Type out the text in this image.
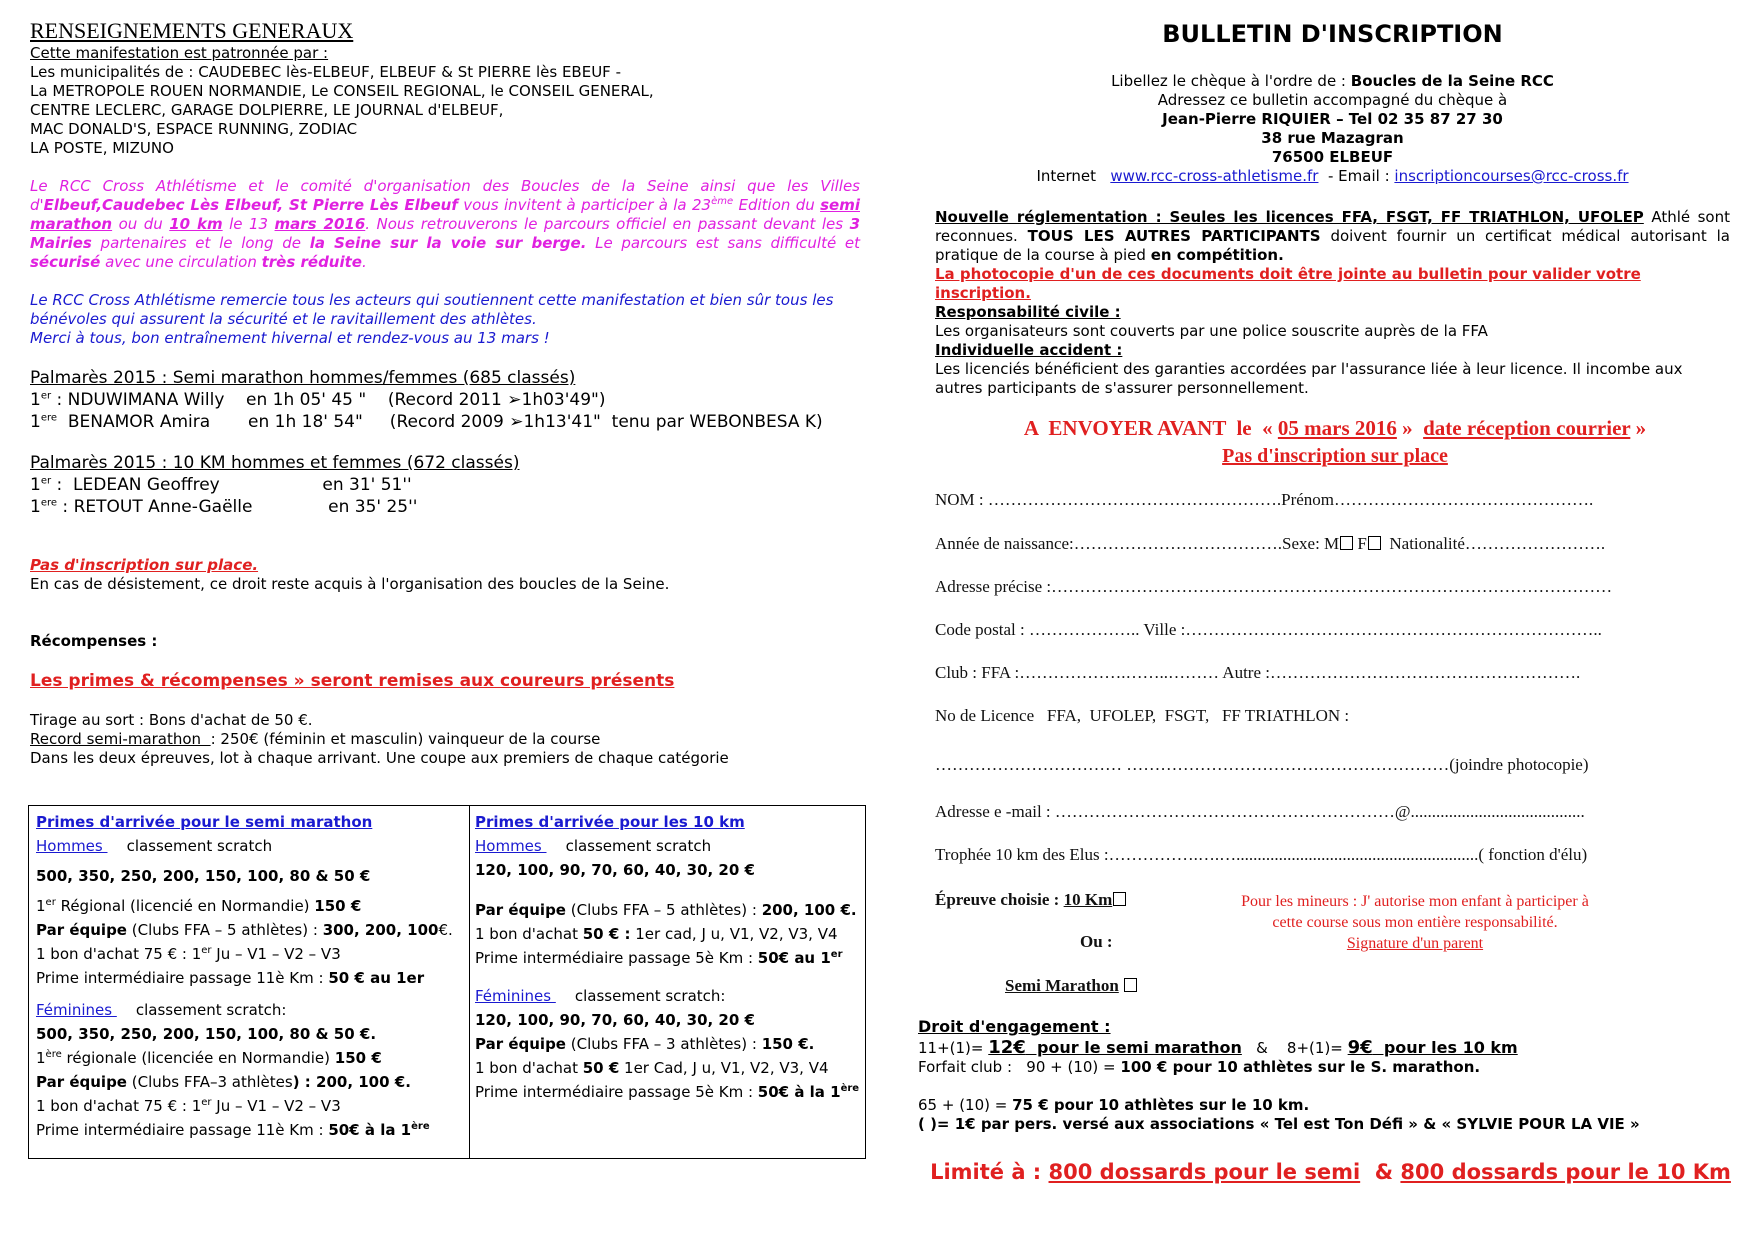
RENSEIGNEMENTS GENERAUX

Cette manifestation est patronnée par :

Les municipalités de : CAUDEBEC lès-ELBEUF, ELBEUF & St PIERRE lès EBEUF -

La METROPOLE ROUEN NORMANDIE, Le CONSEIL REGIONAL, le CONSEIL GENERAL,

CENTRE LECLERC, GARAGE DOLPIERRE, LE JOURNAL d'ELBEUF,

MAC DONALD'S, ESPACE RUNNING, ZODIAC

LA POSTE, MIZUNO

Le RCC Cross Athlétisme et le comité d'organisation des Boucles de la Seine ainsi que les Villes d'Elbeuf,Caudebec Lès Elbeuf, St Pierre Lès Elbeuf vous invitent à participer à la 23ème Edition du semi marathon ou du 10 km le 13 mars 2016. Nous retrouverons le parcours officiel en passant devant les 3 Mairies partenaires et le long de la Seine sur la voie sur berge. Le parcours est sans difficulté et sécurisé avec une circulation très réduite.

Le RCC Cross Athlétisme remercie tous les acteurs qui soutiennent cette manifestation et bien sûr tous les

bénévoles qui assurent la sécurité et le ravitaillement des athlètes.

Merci à tous, bon entraînement hivernal et rendez-vous au 13 mars !

Palmarès 2015 : Semi marathon hommes/femmes (685 classés)

1er : NDUWIMANA Willy    en 1h 05' 45 "    (Record 2011 ➢1h03'49")

1ere  BENAMOR Amira       en 1h 18' 54"     (Record 2009 ➢1h13'41"  tenu par WEBONBESA K)

Palmarès 2015 : 10 KM hommes et femmes (672 classés)

1er :  LEDEAN Geoffrey                   en 31' 51''

1ere : RETOUT Anne-Gaëlle              en 35' 25''

Pas d'inscription sur place.

En cas de désistement, ce droit reste acquis à l'organisation des boucles de la Seine.

Récompenses :

Les primes & récompenses » seront remises aux coureurs présents

Tirage au sort : Bons d'achat de 50 €.

Record semi-marathon  : 250€ (féminin et masculin) vainqueur de la course

Dans les deux épreuves, lot à chaque arrivant. Une coupe aux premiers de chaque catégorie

Primes d'arrivée pour le semi marathon
Hommes     classement scratch
500, 350, 250, 200, 150, 100, 80 & 50 €
1er Régional (licencié en Normandie) 150 €
Par équipe (Clubs FFA – 5 athlètes) : 300, 200, 100€.
1 bon d'achat 75 € : 1er Ju – V1 – V2 – V3
Prime intermédiaire passage 11è Km : 50 € au 1er
Féminines     classement scratch:
500, 350, 250, 200, 150, 100, 80 & 50 €.
1ère régionale (licenciée en Normandie) 150 €
Par équipe (Clubs FFA–3 athlètes) : 200, 100 €.
1 bon d'achat 75 € : 1er Ju – V1 – V2 – V3
Prime intermédiaire passage 11è Km : 50€ à la 1ère
Primes d'arrivée pour les 10 km
Hommes     classement scratch
120, 100, 90, 70, 60, 40, 30, 20 €
Par équipe (Clubs FFA – 5 athlètes) : 200, 100 €.
1 bon d'achat 50 € : 1er cad, J u, V1, V2, V3, V4
Prime intermédiaire passage 5è Km : 50€ au 1er
Féminines     classement scratch:
120, 100, 90, 70, 60, 40, 30, 20 €
Par équipe (Clubs FFA – 3 athlètes) : 150 €.
1 bon d'achat 50 € 1er Cad, J u, V1, V2, V3, V4
Prime intermédiaire passage 5è Km : 50€ à la 1ère
BULLETIN D'INSCRIPTION

Libellez le chèque à l'ordre de : Boucles de la Seine RCC

Adressez ce bulletin accompagné du chèque à

Jean-Pierre RIQUIER – Tel 02 35 87 27 30

38 rue Mazagran

76500 ELBEUF

Internet   www.rcc-cross-athletisme.fr  - Email : inscriptioncourses@rcc-cross.fr

Nouvelle réglementation : Seules les licences FFA, FSGT, FF TRIATHLON, UFOLEP Athlé sont reconnues. TOUS LES AUTRES PARTICIPANTS doivent fournir un certificat médical autorisant la pratique de la course à pied en compétition.

La photocopie d'un de ces documents doit être jointe au bulletin pour valider votre inscription.

Responsabilité civile :

Les organisateurs sont couverts par une police souscrite auprès de la FFA

Individuelle accident :

Les licenciés bénéficient des garanties accordées par l'assurance liée à leur licence. Il incombe aux autres participants de s'assurer personnellement.

A  ENVOYER AVANT  le  « 05 mars 2016 »  date réception courrier »
Pas d'inscription sur place
NOM : …………………………………………….Prénom……………………………………….
Année de naissance:……………………………….Sexe: M F  Nationalité…………………….
Adresse précise :………………………………………………………………………………………
Code postal : ……………….. Ville :………………………………………………………………..
Club : FFA :……………….……..……… Autre :……………………………………………….
No de Licence   FFA,  UFOLEP,  FSGT,   FF TRIATHLON :
…………………………… …………………………………………………(joindre photocopie)
Adresse e -mail : ……………………………………………………@.........................................
Trophée 10 km des Elus :…………….….….........................................................( fonction d'élu)
Épreuve choisie : 10 Km
Ou :
Semi Marathon
Pour les mineurs : J' autorise mon enfant à participer à
cette course sous mon entière responsabilité.
Signature d'un parent

Droit d'engagement :

11+(1)= 12€  pour le semi marathon   &    8+(1)= 9€  pour les 10 km

Forfait club :   90 + (10) = 100 € pour 10 athlètes sur le S. marathon.

65 + (10) = 75 € pour 10 athlètes sur le 10 km.

( )= 1€ par pers. versé aux associations « Tel est Ton Défi » & « SYLVIE POUR LA VIE »

Limité à : 800 dossards pour le semi  & 800 dossards pour le 10 Km
